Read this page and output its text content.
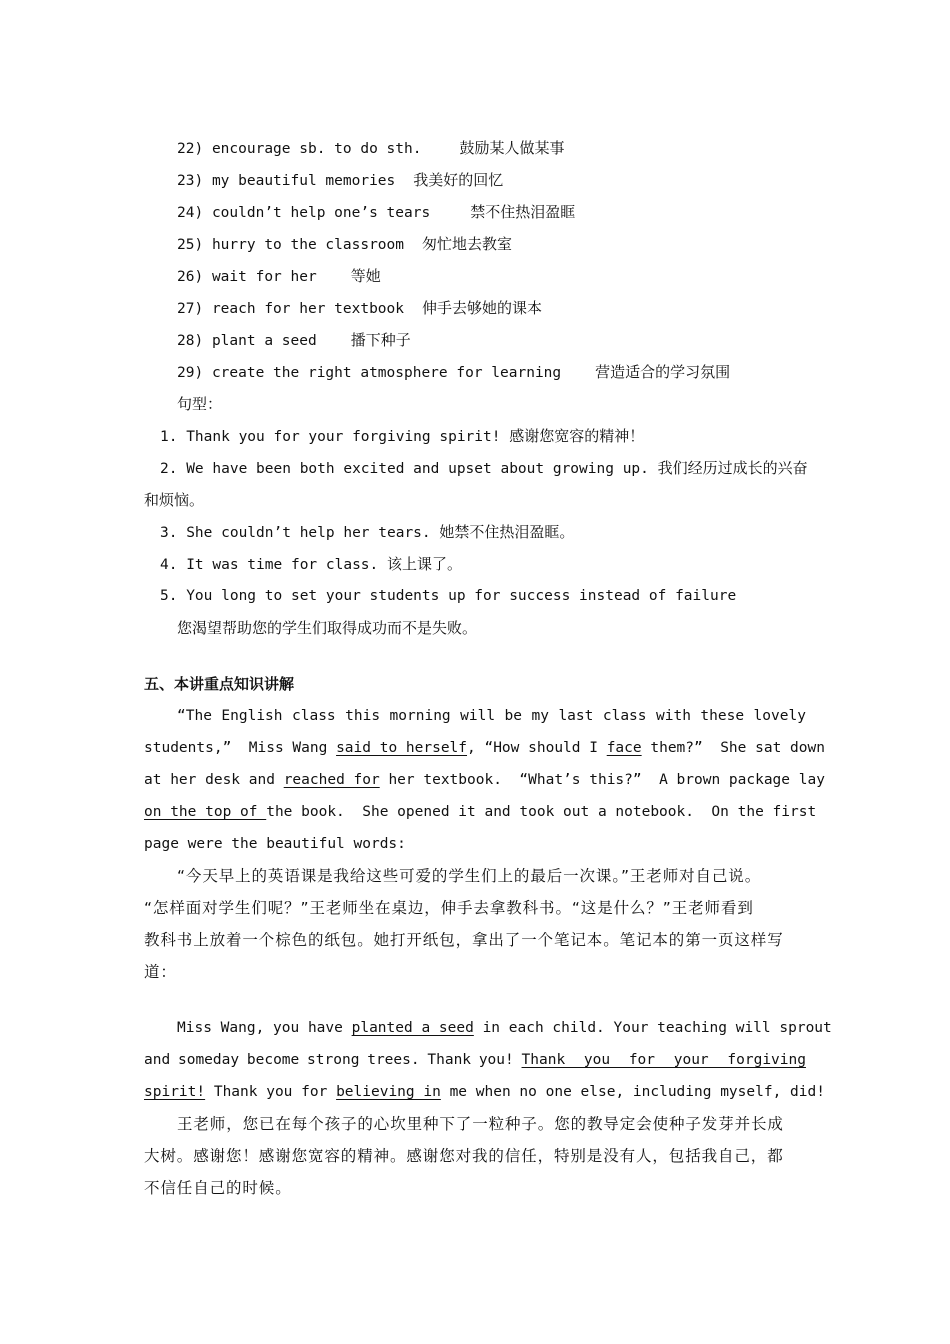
22) encourage sb. to do sth.	鼓励某人做某事
23) my beautiful memories 我美好的回忆
24) couldn’t help one’s tears	禁不住热泪盈眶
25) hurry to the classroom 匆忙地去教室
26) wait for her 等她
27) reach for her textbook 伸手去够她的课本
28) plant a seed 播下种子
29) create the right atmosphere for learning 营造适合的学习氛围
句型：
1. Thank you for your forgiving spirit! 感谢您宽容的精神！
2. We have been both excited and upset about growing up. 我们经历过成长的兴奋
和烦恼。
3. She couldn’t help her tears. 她禁不住热泪盈眶。
4. It was time for class. 该上课了。
5. You long to set your students up for success instead of failure
您渴望帮助您的学生们取得成功而不是失败。
五、本讲重点知识讲解
“The English class this morning will be my last class with these lovely
students,”  Miss Wang said to herself, “How should I face them?”  She sat down
at her desk and reached for her textbook.  “What’s this?”  A brown package lay
on the top of the book.  She opened it and took out a notebook.  On the first
page were the beautiful words:
“今天早上的英语课是我给这些可爱的学生们上的最后一次课。”王老师对自己说。
“怎样面对学生们呢？”王老师坐在桌边，伸手去拿教科书。“这是什么？”王老师看到
教科书上放着一个棕色的纸包。她打开纸包，拿出了一个笔记本。笔记本的第一页这样写
道：
Miss Wang, you have planted a seed in each child. Your teaching will sprout
and someday become strong trees. Thank you! Thank you for your forgiving
spirit! Thank you for believing in me when no one else, including myself, did!
王老师，您已在每个孩子的心坎里种下了一粒种子。您的教导定会使种子发芽并长成
大树。感谢您！感谢您宽容的精神。感谢您对我的信任，特别是没有人，包括我自己，都
不信任自己的时候。
